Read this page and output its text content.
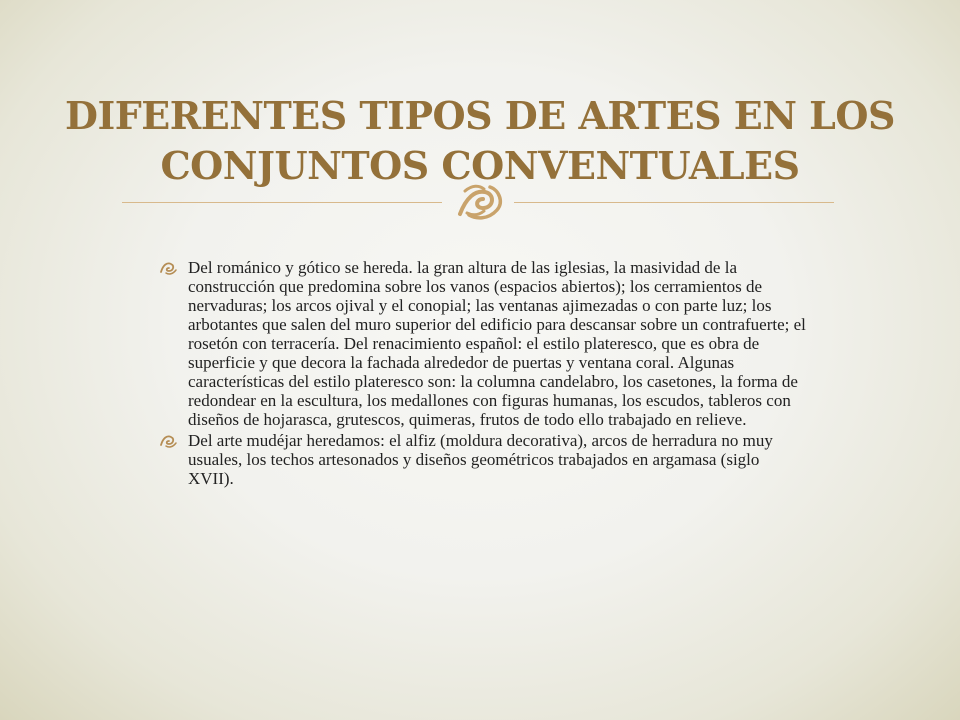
DIFERENTES TIPOS DE ARTES EN LOS CONJUNTOS CONVENTUALES
Del románico y gótico se hereda. la gran altura de las iglesias, la masividad de la construcción que predomina sobre los vanos (espacios abiertos); los cerramientos de nervaduras; los arcos ojival y el conopial; las ventanas ajimezadas o con parte luz; los arbotantes que salen del muro superior del edificio para descansar sobre un contrafuerte; el rosetón con terracería. Del renacimiento español: el estilo plateresco, que es obra de superficie y que decora la fachada alrededor de puertas y ventana coral. Algunas características del estilo plateresco son: la columna candelabro, los casetones, la forma de redondear en la escultura, los medallones con figuras humanas, los escudos, tableros con diseños de hojarasca, grutescos, quimeras, frutos de todo ello trabajado en relieve.
Del arte mudéjar heredamos: el alfiz (moldura decorativa), arcos de herradura no muy usuales, los techos artesonados y diseños geométricos trabajados en argamasa (siglo XVII).
